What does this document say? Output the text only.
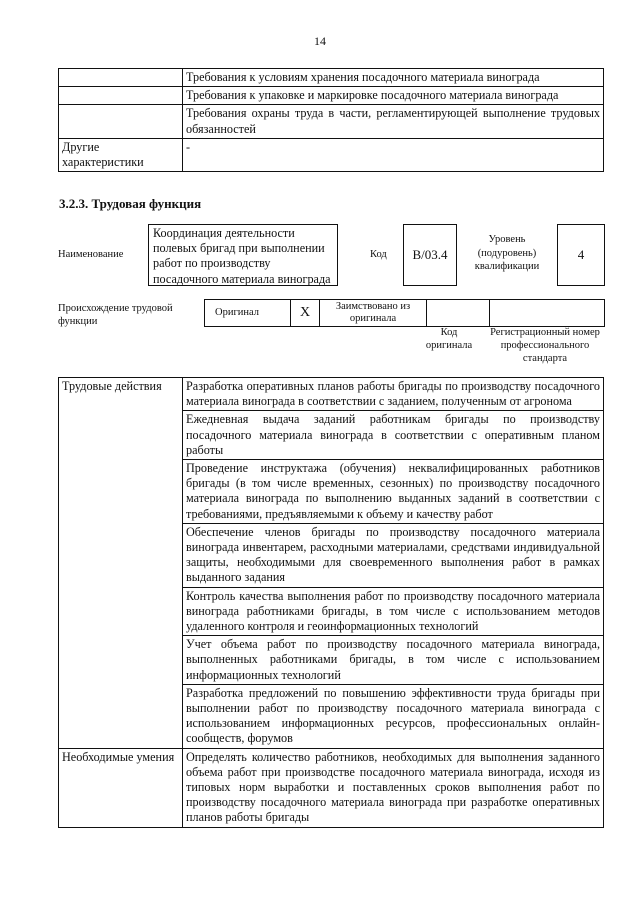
14
	Требования к условиям хранения посадочного материала винограда
	Требования к упаковке и маркировке посадочного материала винограда
	Требования охраны труда в части, регламентирующей выполнение трудовых обязанностей
Другие характеристики	-
3.2.3. Трудовая функция
Наименование
Координация деятельности полевых бригад при выполнении работ по производству посадочного материала винограда
Код	B/03.4
Уровень (подуровень) квалификации
4
Происхождение трудовой функции
Оригинал	X	Заимствовано из оригинала		
Код оригинала
Регистрационный номер профессионального стандарта
Трудовые действия	Разработка оперативных планов работы бригады по производству посадочного материала винограда в соответствии с заданием, полученным от агронома
	Ежедневная выдача заданий работникам бригады по производству посадочного материала винограда в соответствии с оперативным планом работы
	Проведение инструктажа (обучения) неквалифицированных работников бригады (в том числе временных, сезонных) по производству посадочного материала винограда по выполнению выданных заданий в соответствии с требованиями, предъявляемыми к объему и качеству работ
	Обеспечение членов бригады по производству посадочного материала винограда инвентарем, расходными материалами, средствами индивидуальной защиты, необходимыми для своевременного выполнения работ в рамках выданного задания
	Контроль качества выполнения работ по производству посадочного материала винограда работниками бригады, в том числе с использованием методов удаленного контроля и геоинформационных технологий
	Учет объема работ по производству посадочного материала винограда, выполненных работниками бригады, в том числе с использованием информационных технологий
	Разработка предложений по повышению эффективности труда бригады при выполнении работ по производству посадочного материала винограда с использованием информационных ресурсов, профессиональных онлайн-сообществ, форумов
Необходимые умения	Определять количество работников, необходимых для выполнения заданного объема работ при производстве посадочного материала винограда, исходя из типовых норм выработки и поставленных сроков выполнения работ по производству посадочного материала винограда при разработке оперативных планов работы бригады
